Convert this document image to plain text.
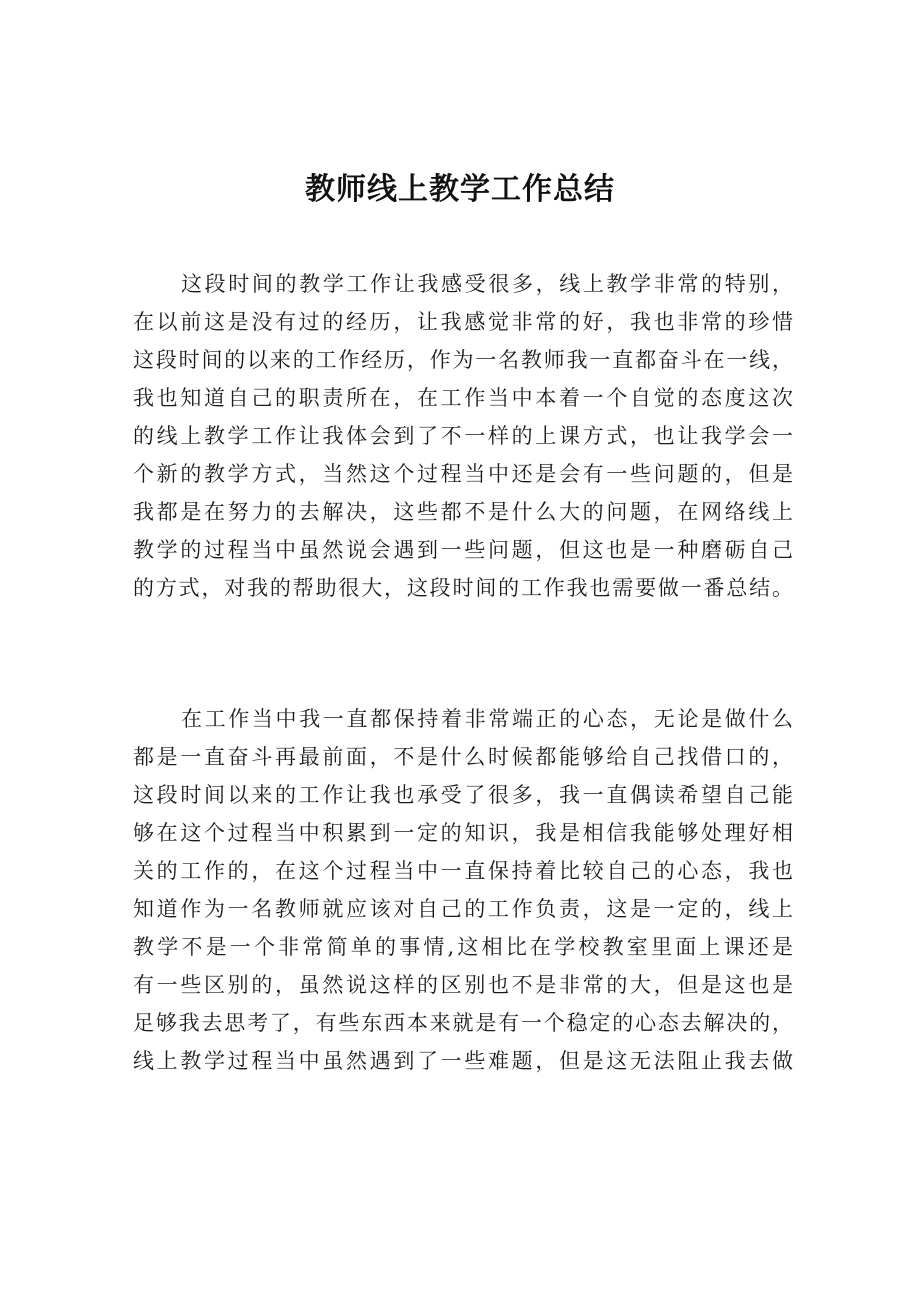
教师线上教学工作总结
这段时间的教学工作让我感受很多，线上教学非常的特别，
在以前这是没有过的经历，让我感觉非常的好，我也非常的珍惜
这段时间的以来的工作经历，作为一名教师我一直都奋斗在一线，
我也知道自己的职责所在，在工作当中本着一个自觉的态度这次
的线上教学工作让我体会到了不一样的上课方式，也让我学会一
个新的教学方式，当然这个过程当中还是会有一些问题的，但是
我都是在努力的去解决，这些都不是什么大的问题，在网络线上
教学的过程当中虽然说会遇到一些问题，但这也是一种磨砺自己
的方式，对我的帮助很大，这段时间的工作我也需要做一番总结。
在工作当中我一直都保持着非常端正的心态，无论是做什么
都是一直奋斗再最前面，不是什么时候都能够给自己找借口的，
这段时间以来的工作让我也承受了很多，我一直偶读希望自己能
够在这个过程当中积累到一定的知识，我是相信我能够处理好相
关的工作的，在这个过程当中一直保持着比较自己的心态，我也
知道作为一名教师就应该对自己的工作负责，这是一定的，线上
教学不是一个非常简单的事情,这相比在学校教室里面上课还是
有一些区别的，虽然说这样的区别也不是非常的大，但是这也是
足够我去思考了，有些东西本来就是有一个稳定的心态去解决的，
线上教学过程当中虽然遇到了一些难题，但是这无法阻止我去做
